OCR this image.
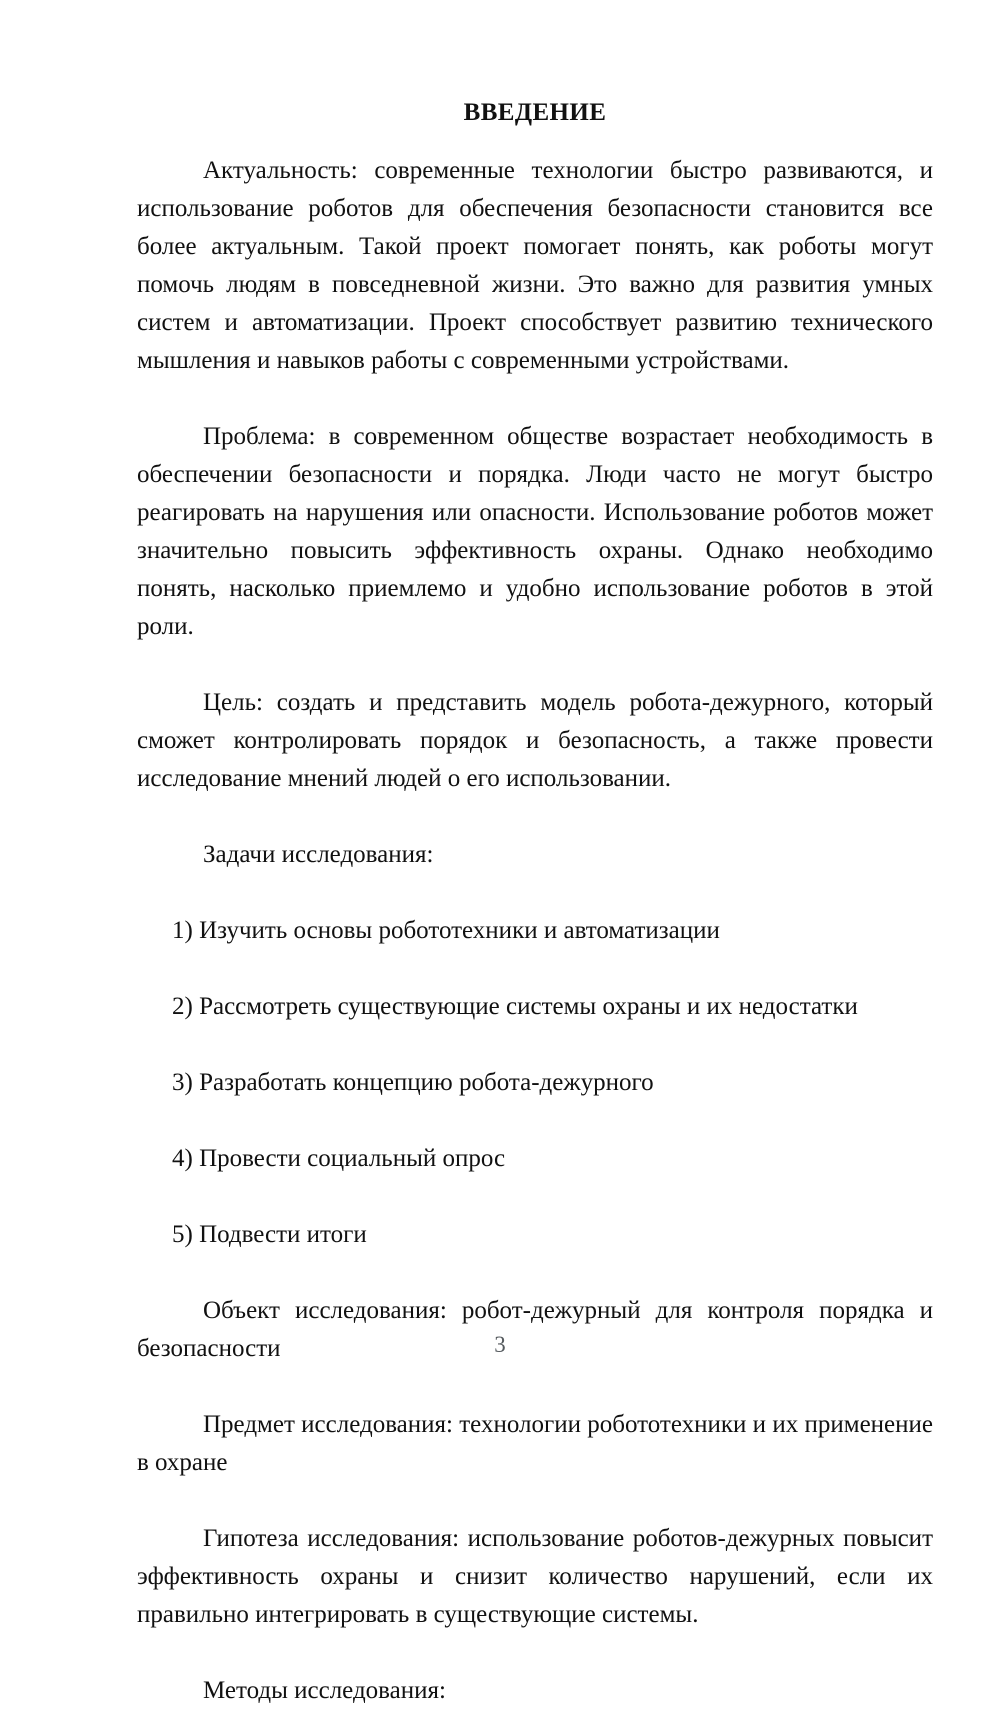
ВВЕДЕНИЕ

Актуальность: современные технологии быстро развиваются, и использование роботов для обеспечения безопасности становится все более актуальным. Такой проект помогает понять, как роботы могут помочь людям в повседневной жизни. Это важно для развития умных систем и автоматизации. Проект способствует развитию технического мышления и навыков работы с современными устройствами.

Проблема: в современном обществе возрастает необходимость в обеспечении безопасности и порядка. Люди часто не могут быстро реагировать на нарушения или опасности. Использование роботов может значительно повысить эффективность охраны. Однако необходимо понять, насколько приемлемо и удобно использование роботов в этой роли.

Цель: создать и представить модель робота-дежурного, который сможет контролировать порядок и безопасность, а также провести исследование мнений людей о его использовании.

Задачи исследования:

1) Изучить основы робототехники и автоматизации

2) Рассмотреть существующие системы охраны и их недостатки

3) Разработать концепцию робота-дежурного

4) Провести социальный опрос

5) Подвести итоги

Объект исследования: робот-дежурный для контроля порядка и безопасности

Предмет исследования: технологии робототехники и их применение в охране

Гипотеза исследования: использование роботов-дежурных повысит эффективность охраны и снизит количество нарушений, если их правильно интегрировать в существующие системы.

Методы исследования:

3
